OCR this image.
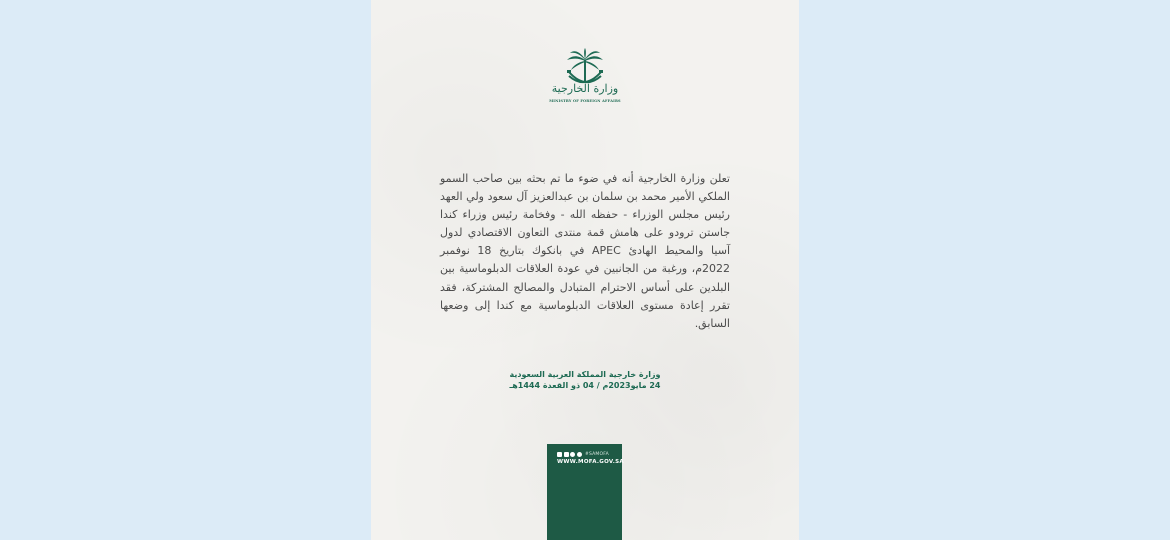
وزارة الخارجية
MINISTRY OF FOREIGN AFFAIRS
تعلن وزارة الخارجية أنه في ضوء ما تم بحثه بين صاحب السمو الملكي الأمير محمد بن سلمان بن عبدالعزيز آل سعود ولي العهد رئيس مجلس الوزراء - حفظه الله - وفخامة رئيس وزراء كندا جاستن ترودو على هامش قمة منتدى التعاون الاقتصادي لدول آسيا والمحيط الهادئ APEC في بانكوك بتاريخ 18 نوفمبر 2022م، ورغبة من الجانبين في عودة العلاقات الدبلوماسية بين البلدين على أساس الاحترام المتبادل والمصالح المشتركة، فقد تقرر إعادة مستوى العلاقات الدبلوماسية مع كندا إلى وضعها السابق.
وزارة خارجية المملكة العربية السعودية
24 مايو2023م / 04 ذو القعدة 1444هـ
#SAMOFA
WWW.MOFA.GOV.SA
